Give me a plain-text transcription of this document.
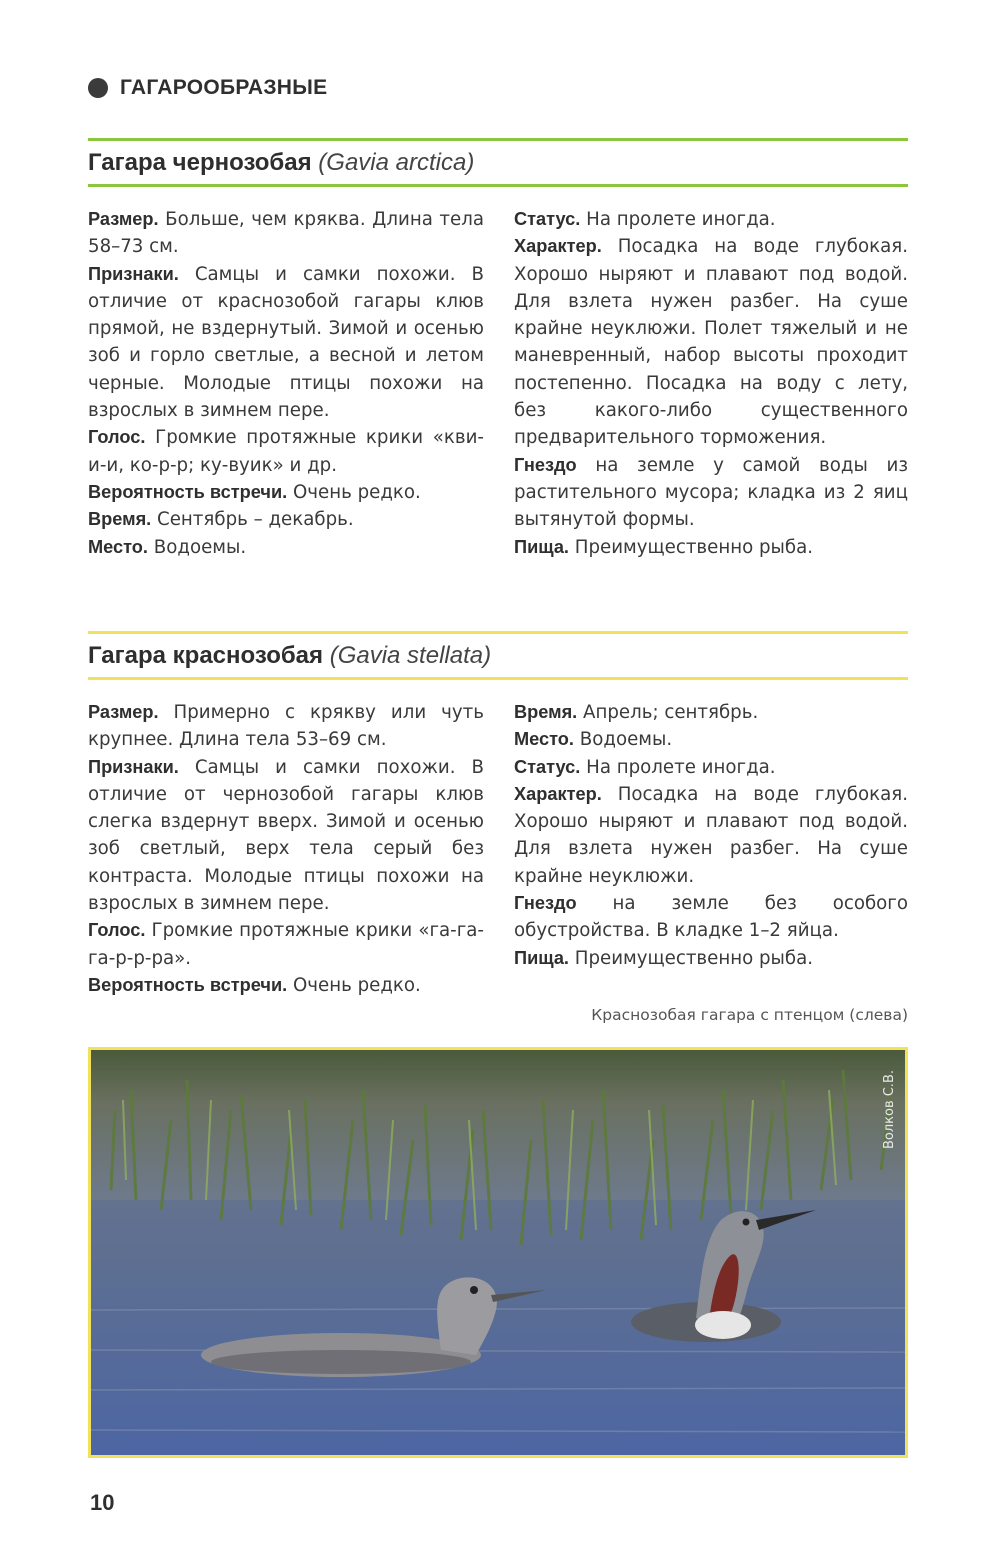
ГАГАРООБРАЗНЫЕ
Гагара чернозобая (Gavia arctica)

Размер. Больше, чем кряква. Длина тела 58–73 см.

Признаки. Самцы и самки похожи. В отличие от краснозобой гагары клюв прямой, не вздернутый. Зимой и осенью зоб и горло светлые, а весной и летом черные. Молодые птицы похожи на взрослых в зимнем пере.

Голос. Громкие протяжные крики «кви-и-и, ко-р-р; ку-вуик» и др.

Вероятность встречи. Очень редко.

Время. Сентябрь – декабрь.

Место. Водоемы.

Статус. На пролете иногда.

Характер. Посадка на воде глубокая. Хорошо ныряют и плавают под водой. Для взлета нужен разбег. На суше крайне неуклюжи. Полет тяжелый и не маневренный, набор высоты проходит постепенно. Посадка на воду с лету, без какого-либо существенного предварительного торможения.

Гнездо на земле у самой воды из растительного мусора; кладка из 2 яиц вытянутой формы.

Пища. Преимущественно рыба.

Гагара краснозобая (Gavia stellata)

Размер. Примерно с крякву или чуть крупнее. Длина тела 53–69 см.

Признаки. Самцы и самки похожи. В отличие от чернозобой гагары клюв слегка вздернут вверх. Зимой и осенью зоб светлый, верх тела серый без контраста. Молодые птицы похожи на взрослых в зимнем пере.

Голос. Громкие протяжные крики «га-га-га-р-р-ра».

Вероятность встречи. Очень редко.

Время. Апрель; сентябрь.

Место. Водоемы.

Статус. На пролете иногда.

Характер. Посадка на воде глубокая. Хорошо ныряют и плавают под водой. Для взлета нужен разбег. На суше крайне неуклюжи.

Гнездо на земле без особого обустройства. В кладке 1–2 яйца.

Пища. Преимущественно рыба.

Краснозобая гагара с птенцом (слева)
Волков С.В.
10
